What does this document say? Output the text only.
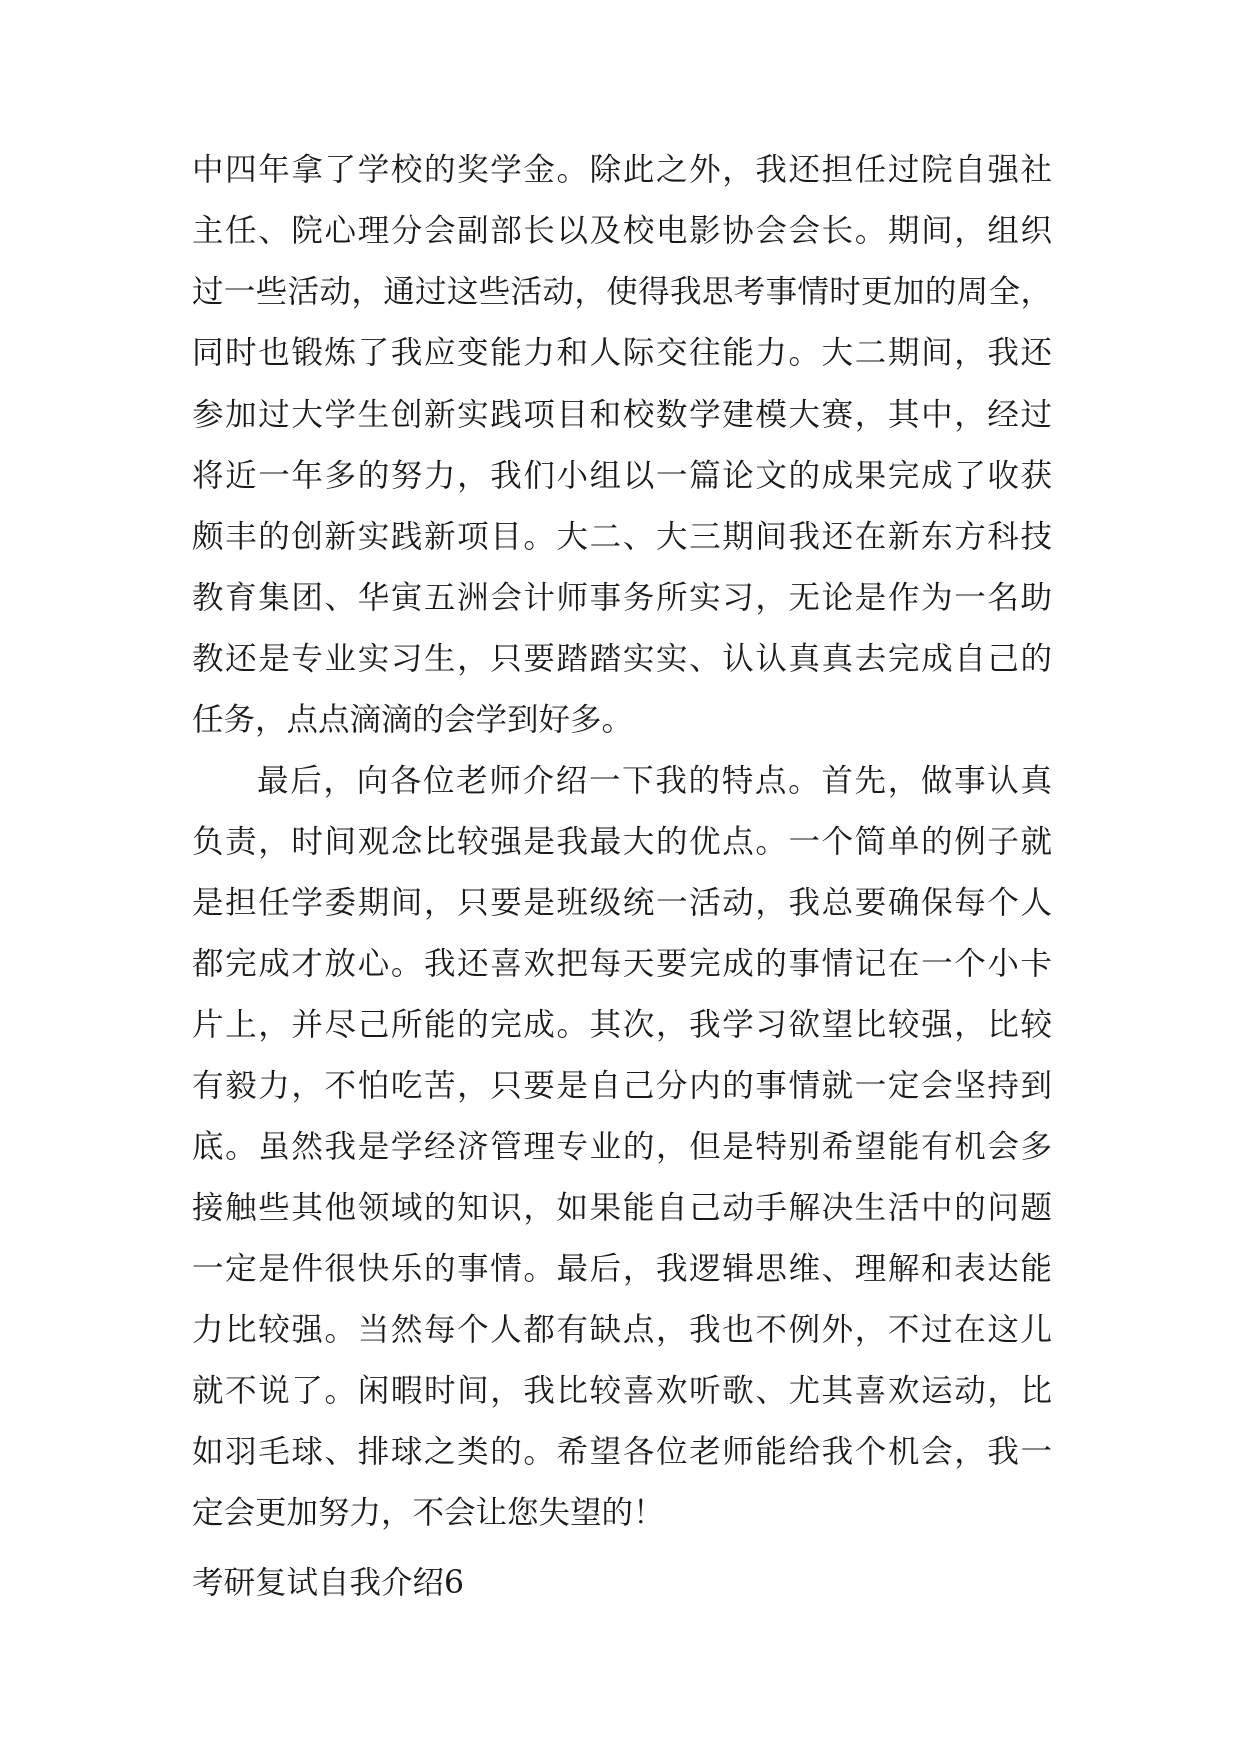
中四年拿了学校的奖学金。除此之外，我还担任过院自强社
主任、院心理分会副部长以及校电影协会会长。期间，组织
过一些活动，通过这些活动，使得我思考事情时更加的周全，
同时也锻炼了我应变能力和人际交往能力。大二期间，我还
参加过大学生创新实践项目和校数学建模大赛，其中，经过
将近一年多的努力，我们小组以一篇论文的成果完成了收获
颇丰的创新实践新项目。大二、大三期间我还在新东方科技
教育集团、华寅五洲会计师事务所实习，无论是作为一名助
教还是专业实习生，只要踏踏实实、认认真真去完成自己的
任务，点点滴滴的会学到好多。
最后，向各位老师介绍一下我的特点。首先，做事认真
负责，时间观念比较强是我最大的优点。一个简单的例子就
是担任学委期间，只要是班级统一活动，我总要确保每个人
都完成才放心。我还喜欢把每天要完成的事情记在一个小卡
片上，并尽己所能的完成。其次，我学习欲望比较强，比较
有毅力，不怕吃苦，只要是自己分内的事情就一定会坚持到
底。虽然我是学经济管理专业的，但是特别希望能有机会多
接触些其他领域的知识，如果能自己动手解决生活中的问题
一定是件很快乐的事情。最后，我逻辑思维、理解和表达能
力比较强。当然每个人都有缺点，我也不例外，不过在这儿
就不说了。闲暇时间，我比较喜欢听歌、尤其喜欢运动，比
如羽毛球、排球之类的。希望各位老师能给我个机会，我一
定会更加努力，不会让您失望的！
考研复试自我介绍6
